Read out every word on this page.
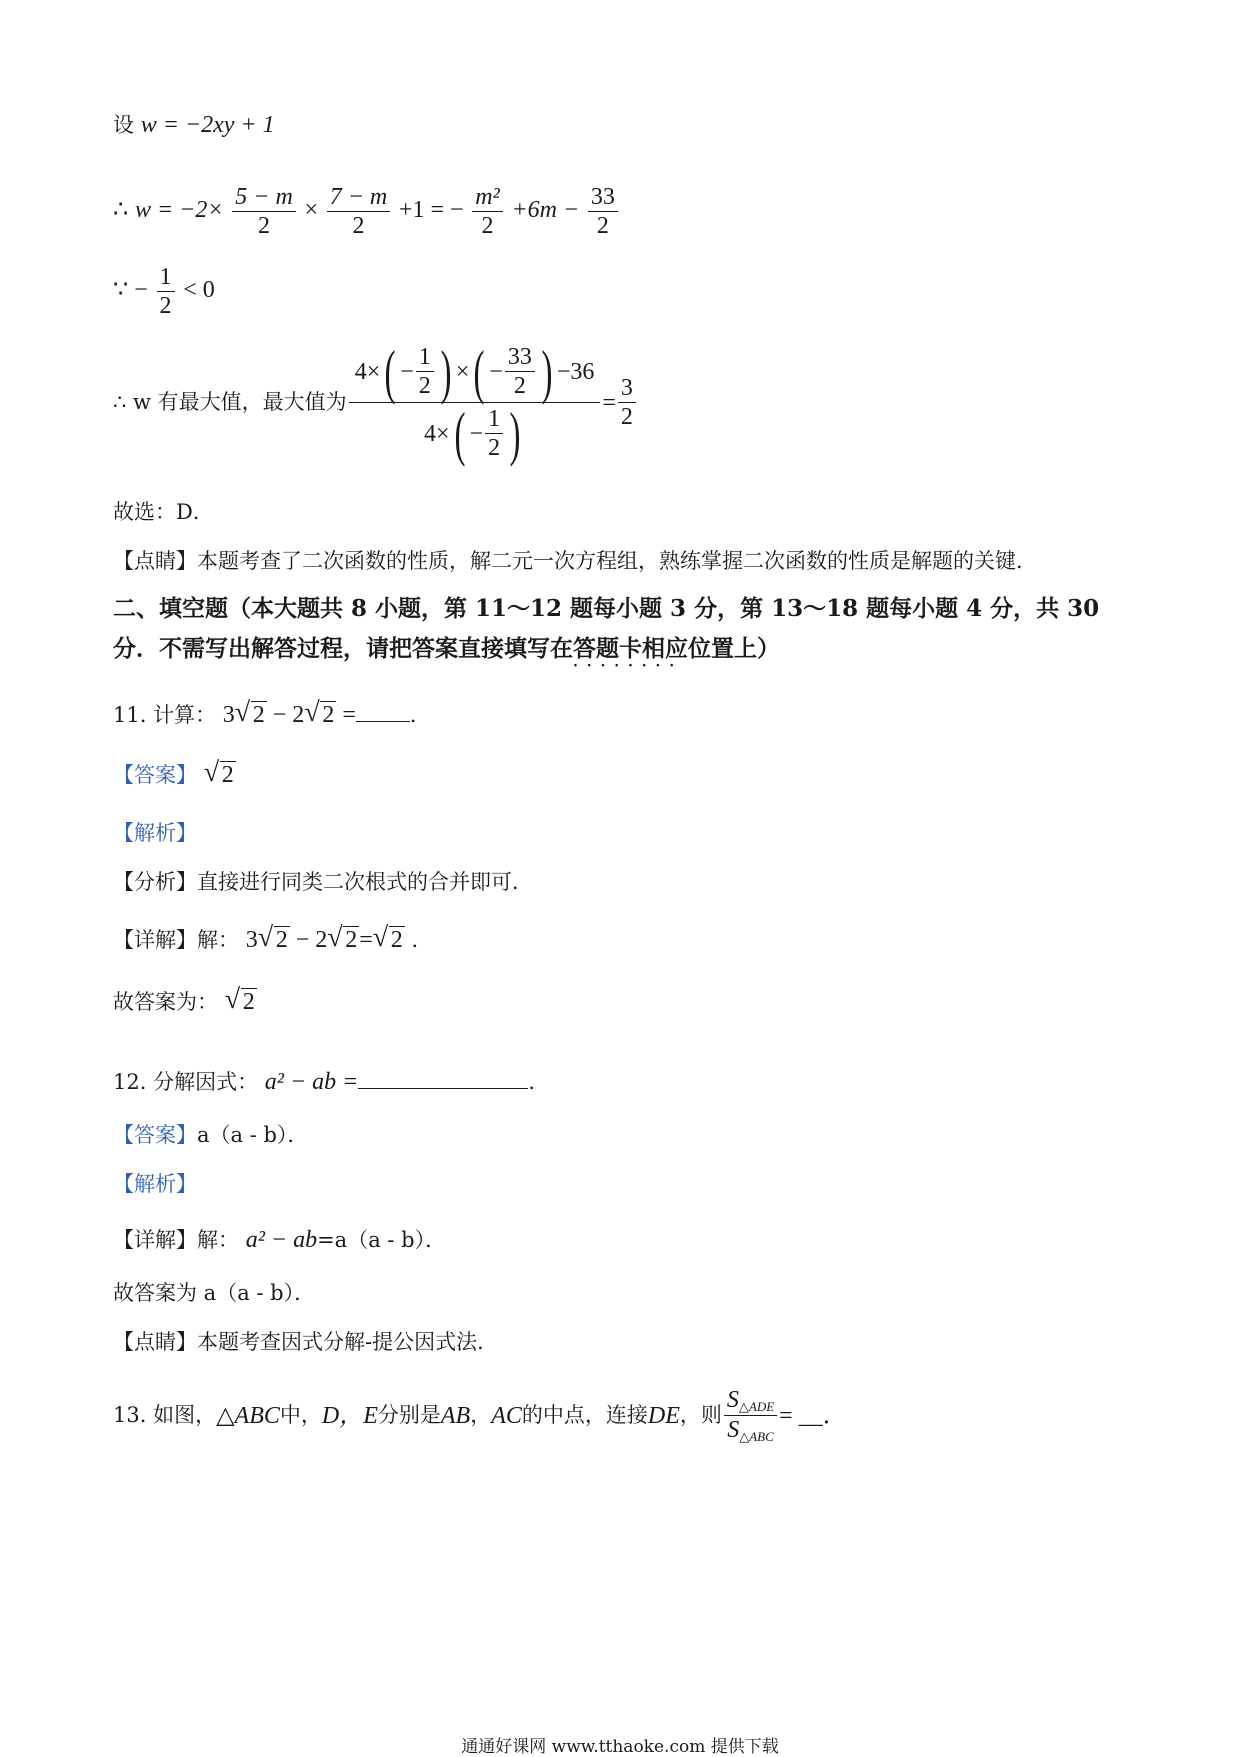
设 w = −2xy + 1
∴ $w = -2\times \frac{5 - m}{2} \times \frac{7 - m}{2} +1$ = − $\frac{\text{m²}}{2} +6m - \frac{33}{2}$
∵ − $\frac{1}{2} < 0$
∴ w 有最大值，最大值为
4× ( − $\frac{1}{2}$ ) × ( − $\frac{33}{2}$ ) −36
4× ( − $\frac{1}{2}$ )	= $\frac{3}{2}$
故选：D．
【点睛】本题考查了二次函数的性质，解二元一次方程组，熟练掌握二次函数的性质是解题的关键．
二、填空题（本大题共 8 小题，第 11～12 题每小题 3 分，第 13～18 题每小题 4 分，共 30
分．不需写出解答过程，请把答案直接填写在答题卡相应位置上 · · ·）
11. 计算： 3 √ 2 − 2 √ 2 =	．
【答案】 √ 2
【解析】
【分析】直接进行同类二次根式的合并即可．
【详解】解： 3 √ 2 − 2 √ 2= √ 2 ．
故答案为： √ 2
12. 分解因式： a² − ab =	．
【答案】a（a - b）．
【解析】
【详解】解： a² − ab=a（a - b）．
故答案为 a（a - b）．
【点睛】本题考查因式分解-提公因式法．
13. 如图， △ ABC 中， D，E 分别是 AB ， AC 的中点，连接 DE ，则 $\frac{S_{\triangle ADE}}{S_{\triangle ABC}}$ = __．
通通好课网 www.tthaoke.com 提供下载
